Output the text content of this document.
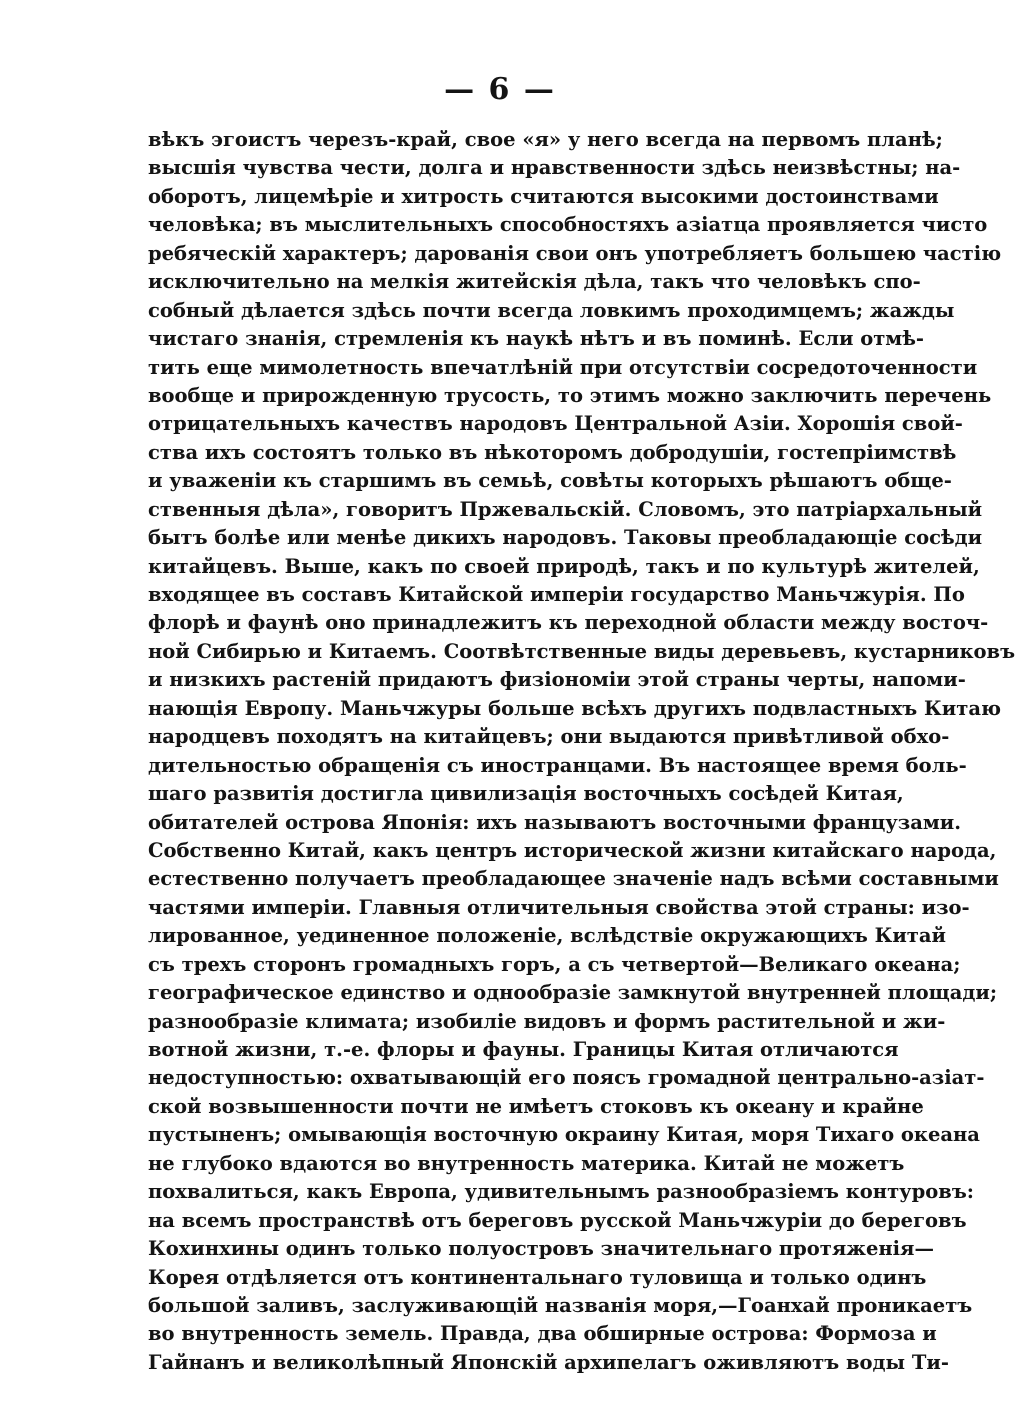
— 6 —

вѣкъ эгоистъ черезъ-край, свое «я» у него всегда на первомъ планѣ;
высшія чувства чести, долга и нравственности здѣсь неизвѣстны; на-
оборотъ, лицемѣріе и хитрость считаются высокими достоинствами
человѣка; въ мыслительныхъ способностяхъ азіатца проявляется чисто
ребяческій характеръ; дарованія свои онъ употребляетъ большею частію
исключительно на мелкія житейскія дѣла, такъ что человѣкъ спо-
собный дѣлается здѣсь почти всегда ловкимъ проходимцемъ; жажды
чистаго знанія, стремленія къ наукѣ нѣтъ и въ поминѣ. Если отмѣ-
тить еще мимолетность впечатлѣній при отсутствіи сосредоточенности
вообще и прирожденную трусость, то этимъ можно заключить перечень
отрицательныхъ качествъ народовъ Центральной Азіи. Хорошія свой-
ства ихъ состоятъ только въ нѣкоторомъ добродушіи, гостепріимствѣ
и уваженіи къ старшимъ въ семьѣ, совѣты которыхъ рѣшаютъ обще-
ственныя дѣла», говоритъ Пржевальскій. Словомъ, это патріархальный
бытъ болѣе или менѣе дикихъ народовъ. Таковы преобладающіе сосѣди
китайцевъ. Выше, какъ по своей природѣ, такъ и по культурѣ жителей,
входящее въ составъ Китайской имперіи государство Маньчжурія. По
флорѣ и фаунѣ оно принадлежитъ къ переходной области между восточ-
ной Сибирью и Китаемъ. Соотвѣтственные виды деревьевъ, кустарниковъ
и низкихъ растеній придаютъ физіономіи этой страны черты, напоми-
нающія Европу. Маньчжуры больше всѣхъ другихъ подвластныхъ Китаю
народцевъ походятъ на китайцевъ; они выдаются привѣтливой обхо-
дительностью обращенія съ иностранцами. Въ настоящее время боль-
шаго развитія достигла цивилизація восточныхъ сосѣдей Китая,
обитателей острова Японія: ихъ называютъ восточными французами.
Собственно Китай, какъ центръ исторической жизни китайскаго народа,
естественно получаетъ преобладающее значеніе надъ всѣми составными
частями имперіи. Главныя отличительныя свойства этой страны: изо-
лированное, уединенное положеніе, вслѣдствіе окружающихъ Китай
съ трехъ сторонъ громадныхъ горъ, а съ четвертой—Великаго океана;
географическое единство и однообразіе замкнутой внутренней площади;
разнообразіе климата; изобиліе видовъ и формъ растительной и жи-
вотной жизни, т.-е. флоры и фауны. Границы Китая отличаются
недоступностью: охватывающій его поясъ громадной центрально-азіат-
ской возвышенности почти не имѣетъ стоковъ къ океану и крайне
пустыненъ; омывающія восточную окраину Китая, моря Тихаго океана
не глубоко вдаются во внутренность материка. Китай не можетъ
похвалиться, какъ Европа, удивительнымъ разнообразіемъ контуровъ:
на всемъ пространствѣ отъ береговъ русской Маньчжуріи до береговъ
Кохинхины одинъ только полуостровъ значительнаго протяженія—
Корея отдѣляется отъ континентальнаго туловища и только одинъ
большой заливъ, заслуживающій названія моря,—Гоанхай проникаетъ
во внутренность земель. Правда, два обширные острова: Формоза и
Гайнанъ и великолѣпный Японскій архипелагъ оживляютъ воды Ти-
